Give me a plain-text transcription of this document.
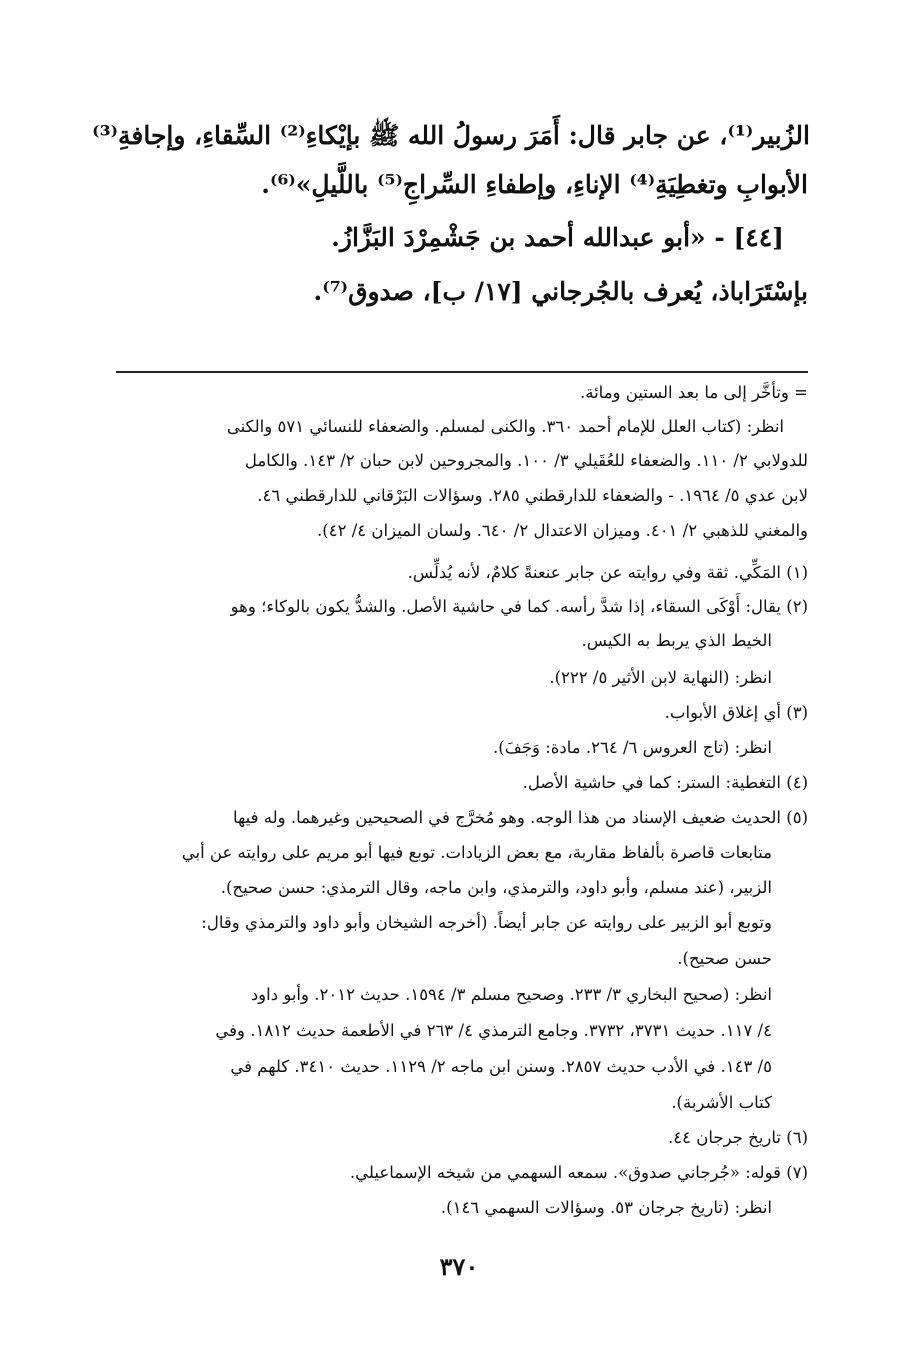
الزُبير⁽¹⁾، عن جابر قال: أَمَرَ رسولُ الله ﷺ بإيْكاءِ⁽²⁾ السِّقاءِ، وإجافةِ⁽³⁾
الأبوابِ وتغطِيَةِ⁽⁴⁾ الإناءِ، وإطفاءِ السِّراجِ⁽⁵⁾ باللَّيلِ»⁽⁶⁾.
[٤٤] - «أبو عبدالله أحمد بن جَشْمِرْدَ البَزَّازُ.
بإسْتَرَاباذ، يُعرف بالجُرجاني [١٧/ ب]، صدوق⁽⁷⁾.
= وتأخَّر إلى ما بعد الستين ومائة.
انظر: (كتاب العلل للإمام أحمد ٣٦٠. والكنى لمسلم. والضعفاء للنسائي ٥٧١ والكنى
للدولابي ٢/ ١١٠. والضعفاء للعُقَيلي ٣/ ١٠٠. والمجروحين لابن حبان ٢/ ١٤٣. والكامل
لابن عدي ٥/ ١٩٦٤. - والضعفاء للدارقطني ٢٨٥. وسؤالات البَرْقاني للدارقطني ٤٦.
والمغني للذهبي ٢/ ٤٠١. وميزان الاعتدال ٢/ ٦٤٠. ولسان الميزان ٤/ ٤٢).
(١) المَكِّي. ثقة وفي روايته عن جابر عنعنةً كلامٌ، لأنه يُدلِّس.
(٢) يقال: أَوْكَى السقاء، إذا شدَّ رأسه. كما في حاشية الأصل. والشدُّ يكون بالوكاء؛ وهو
الخيط الذي يربط به الكيس.
انظر: (النهاية لابن الأثير ٥/ ٢٢٢).
(٣) أي إغلاق الأبواب.
انظر: (تاج العروس ٦/ ٢٦٤. مادة: وَجَفَ).
(٤) التغطية: الستر: كما في حاشية الأصل.
(٥) الحديث ضعيف الإسناد من هذا الوجه. وهو مُخرَّج في الصحيحين وغيرهما. وله فيها
متابعات قاصرة بألفاظ مقاربة، مع بعض الزيادات. توبع فيها أبو مريم على روايته عن أبي
الزبير، (عند مسلم، وأبو داود، والترمذي، وابن ماجه، وقال الترمذي: حسن صحيح).
وتوبع أبو الزبير على روايته عن جابر أيضاً. (أخرجه الشيخان وأبو داود والترمذي وقال:
حسن صحيح).
انظر: (صحيح البخاري ٣/ ٢٣٣. وصحيح مسلم ٣/ ١٥٩٤. حديث ٢٠١٢. وأبو داود
٤/ ١١٧. حديث ٣٧٣١، ٣٧٣٢. وجامع الترمذي ٤/ ٢٦٣ في الأطعمة حديث ١٨١٢. وفي
٥/ ١٤٣. في الأدب حديث ٢٨٥٧. وسنن ابن ماجه ٢/ ١١٢٩. حديث ٣٤١٠. كلهم في
كتاب الأشربة).
(٦) تاريخ جرجان ٤٤.
(٧) قوله: «جُرجاني صدوق». سمعه السهمي من شيخه الإسماعيلي.
انظر: (تاريخ جرجان ٥٣. وسؤالات السهمي ١٤٦).
٣٧٠
